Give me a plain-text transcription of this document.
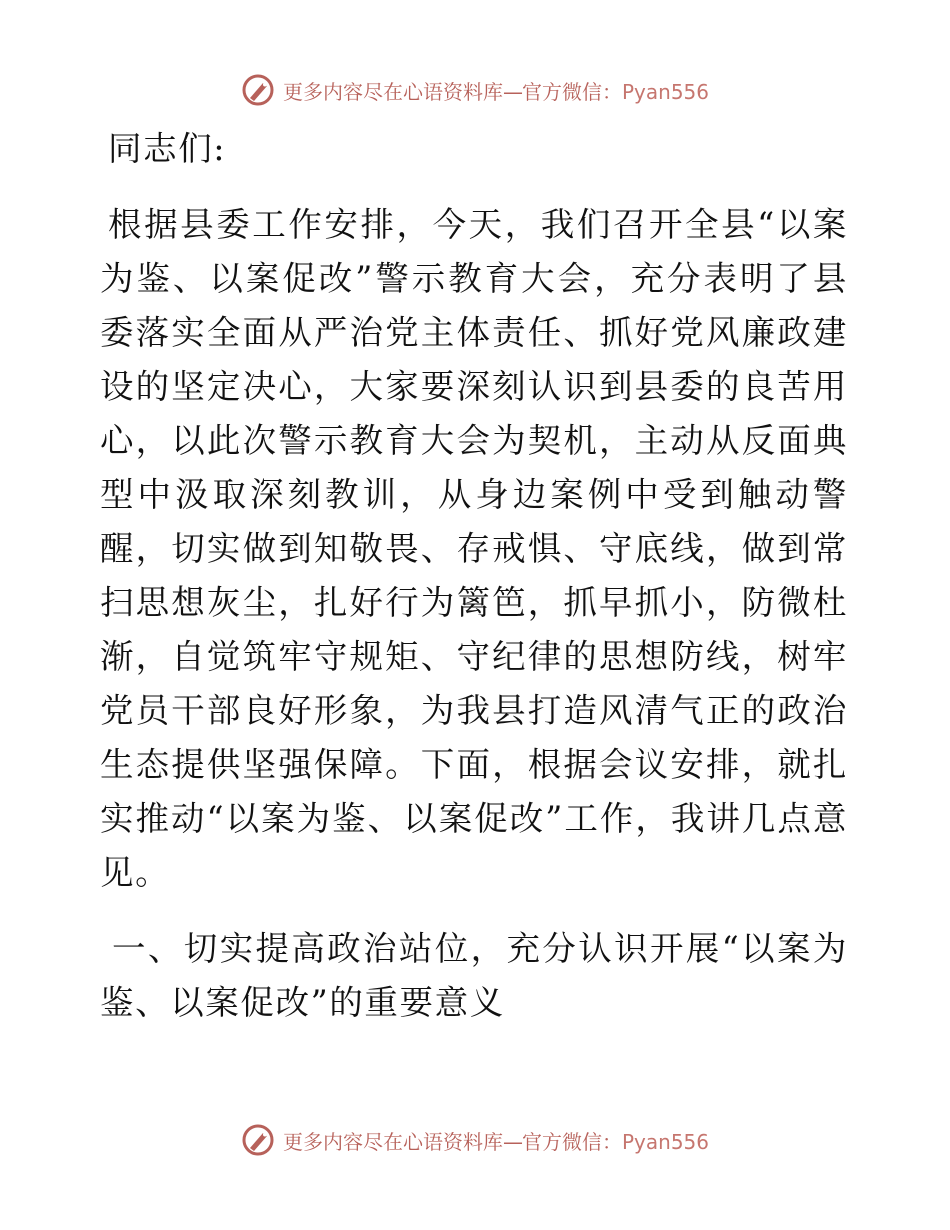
更多内容尽在心语资料库—官方微信：Pyan556

同志们:

根据县委工作安排，今天，我们召开全县“以案为鉴、以案促改”警示教育大会，充分表明了县委落实全面从严治党主体责任、抓好党风廉政建设的坚定决心，大家要深刻认识到县委的良苦用心，以此次警示教育大会为契机，主动从反面典型中汲取深刻教训，从身边案例中受到触动警醒，切实做到知敬畏、存戒惧、守底线，做到常扫思想灰尘，扎好行为篱笆，抓早抓小，防微杜渐，自觉筑牢守规矩、守纪律的思想防线，树牢党员干部良好形象，为我县打造风清气正的政治生态提供坚强保障。下面，根据会议安排，就扎实推动“以案为鉴、以案促改”工作，我讲几点意见。

一、切实提高政治站位，充分认识开展“以案为鉴、以案促改”的重要意义

更多内容尽在心语资料库—官方微信：Pyan556
